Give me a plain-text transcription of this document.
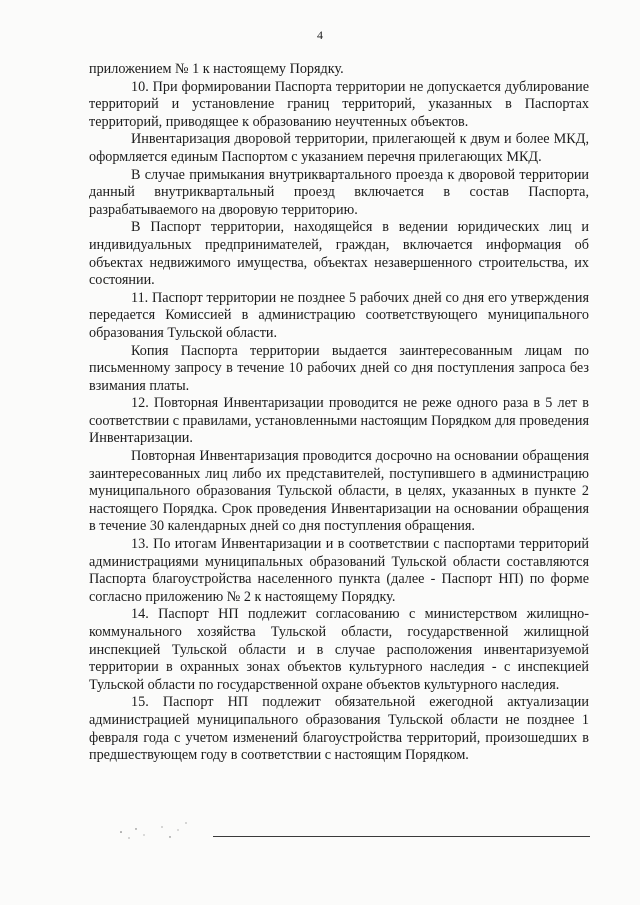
4

приложением № 1 к настоящему Порядку.

10. При формировании Паспорта территории не допускается дублирование территорий и установление границ территорий, указанных в Паспортах территорий, приводящее к образованию неучтенных объектов.

Инвентаризация дворовой территории, прилегающей к двум и более МКД, оформляется единым Паспортом с указанием перечня прилегающих МКД.

В случае примыкания внутриквартального проезда к дворовой территории данный внутриквартальный проезд включается в состав Паспорта, разрабатываемого на дворовую территорию.

В Паспорт территории, находящейся в ведении юридических лиц и индивидуальных предпринимателей, граждан, включается информация об объектах недвижимого имущества, объектах незавершенного строительства, их состоянии.

11. Паспорт территории не позднее 5 рабочих дней со дня его утверждения передается Комиссией в администрацию соответствующего муниципального образования Тульской области.

Копия Паспорта территории выдается заинтересованным лицам по письменному запросу в течение 10 рабочих дней со дня поступления запроса без взимания платы.

12. Повторная Инвентаризации проводится не реже одного раза в 5 лет в соответствии с правилами, установленными настоящим Порядком для проведения Инвентаризации.

Повторная Инвентаризация проводится досрочно на основании обращения заинтересованных лиц либо их представителей, поступившего в администрацию муниципального образования Тульской области, в целях, указанных в пункте 2 настоящего Порядка. Срок проведения Инвентаризации на основании обращения в течение 30 календарных дней со дня поступления обращения.

13. По итогам Инвентаризации и в соответствии с паспортами территорий администрациями муниципальных образований Тульской области составляются Паспорта благоустройства населенного пункта (далее - Паспорт НП) по форме согласно приложению № 2 к настоящему Порядку.

14. Паспорт НП подлежит согласованию с министерством жилищно-коммунального хозяйства Тульской области, государственной жилищной инспекцией Тульской области и в случае расположения инвентаризуемой территории в охранных зонах объектов культурного наследия - с инспекцией Тульской области по государственной охране объектов культурного наследия.

15. Паспорт НП подлежит обязательной ежегодной актуализации администрацией муниципального образования Тульской области не позднее 1 февраля года с учетом изменений благоустройства территорий, произошедших в предшествующем году в соответствии с настоящим Порядком.
